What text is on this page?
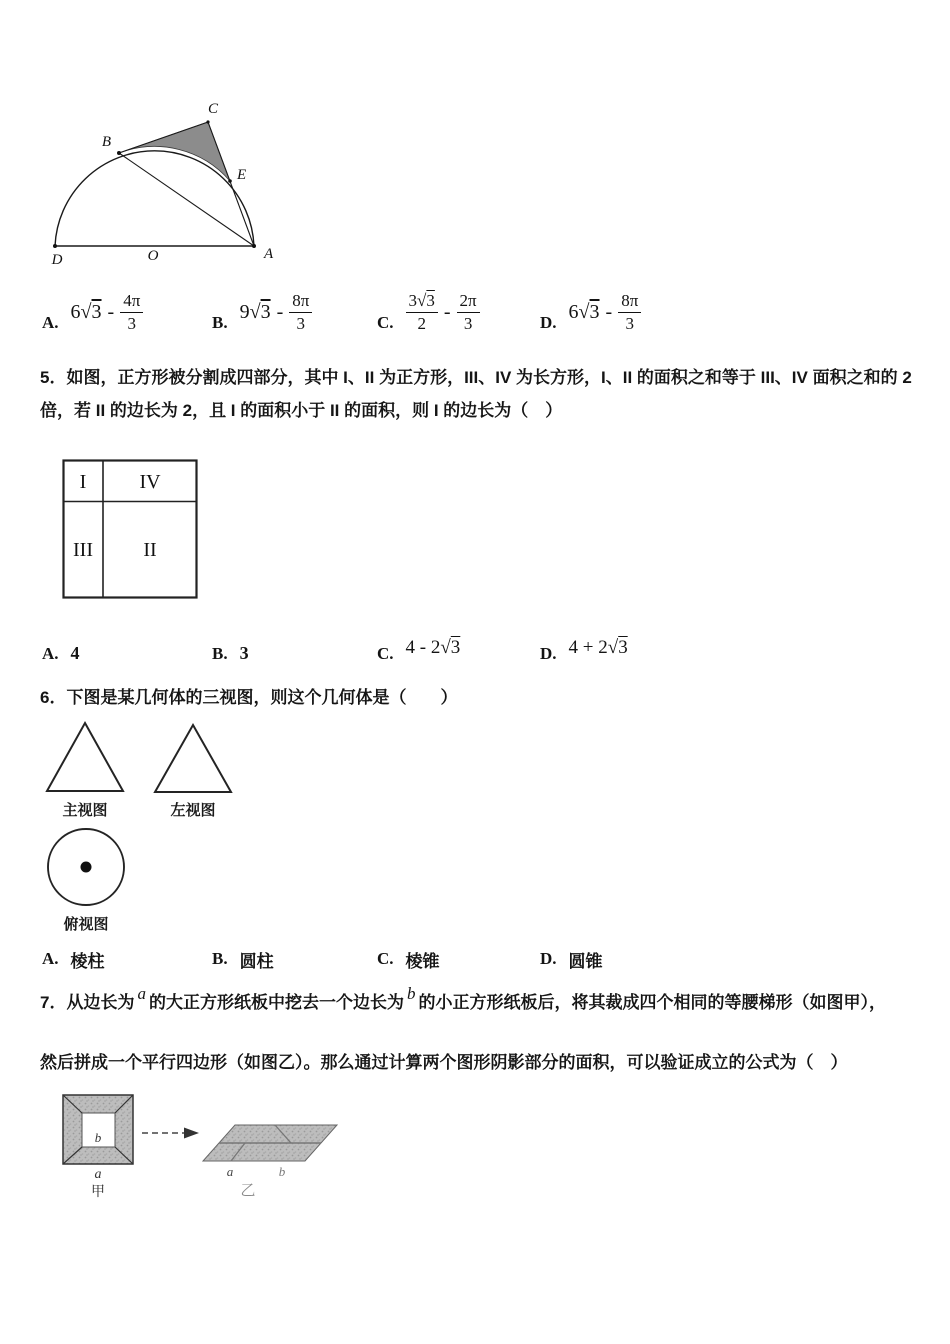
C
B
E
D	O	A
A. 6 √ $3 - \frac{4\pi}{3}$	B. 9 √ $3 - \frac{8\pi}{3}$	C. $\frac{3√3}{2} - \frac{2\pi}{3}$	D. 6 √ $3 - \frac{8\pi}{3}$
5．如图，正方形被分割成四部分，其中 I、II 为正方形，III、IV 为长方形，I、II 的面积之和等于 III、IV 面积之和的 2 倍，若 II 的边长为 2，且 I 的面积小于 II 的面积，则 I 的边长为（　）
I	IV
III	II
A. 4	B. 3	C. 4 - 2 √ 3	D. 4 + 2 √ 3
6．下图是某几何体的三视图，则这个几何体是（　　）
主视图	左视图
俯视图
A. 棱柱	B. 圆柱	C. 棱锥	D. 圆锥
7．从边长为 a 的大正方形纸板中挖去一个边长为 b 的小正方形纸板后，将其裁成四个相同的等腰梯形（如图甲），
然后拼成一个平行四边形（如图乙）。那么通过计算两个图形阴影部分的面积，可以验证成立的公式为（　）
b
a
甲
a	b
乙
